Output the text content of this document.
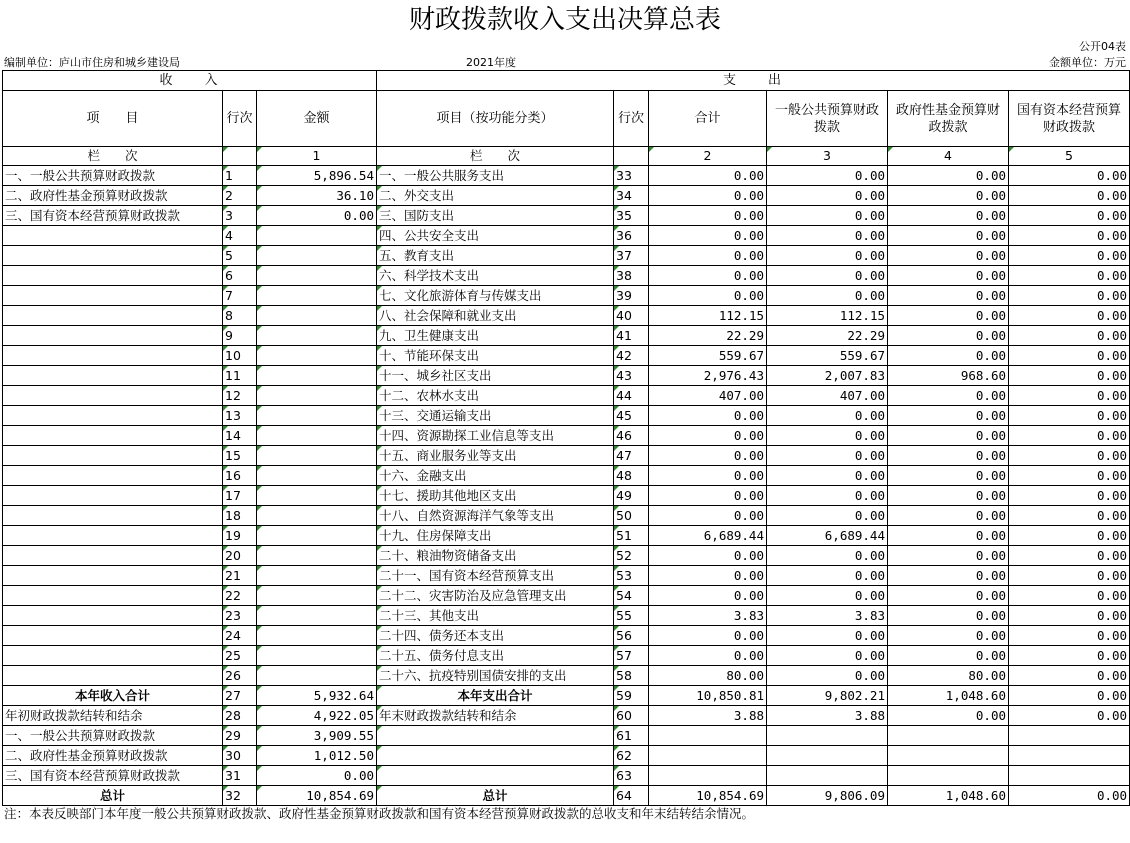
财政拨款收入支出决算总表
公开04表
编制单位：庐山市住房和城乡建设局	2021年度	金额单位：万元
收　　入			支　　出					
项　　目	行次	金额	项目（按功能分类）	行次	合计	一般公共预算财政拨款	政府性基金预算财政拨款	国有资本经营预算财政拨款
栏　　次		1	栏　　次		2	3	4	5
一、一般公共预算财政拨款	1	5,896.54	一、一般公共服务支出	33	0.00	0.00	0.00	0.00
二、政府性基金预算财政拨款	2	36.10	二、外交支出	34	0.00	0.00	0.00	0.00
三、国有资本经营预算财政拨款	3	0.00	三、国防支出	35	0.00	0.00	0.00	0.00
	4		四、公共安全支出	36	0.00	0.00	0.00	0.00
	5		五、教育支出	37	0.00	0.00	0.00	0.00
	6		六、科学技术支出	38	0.00	0.00	0.00	0.00
	7		七、文化旅游体育与传媒支出	39	0.00	0.00	0.00	0.00
	8		八、社会保障和就业支出	40	112.15	112.15	0.00	0.00
	9		九、卫生健康支出	41	22.29	22.29	0.00	0.00
	10		十、节能环保支出	42	559.67	559.67	0.00	0.00
	11		十一、城乡社区支出	43	2,976.43	2,007.83	968.60	0.00
	12		十二、农林水支出	44	407.00	407.00	0.00	0.00
	13		十三、交通运输支出	45	0.00	0.00	0.00	0.00
	14		十四、资源勘探工业信息等支出	46	0.00	0.00	0.00	0.00
	15		十五、商业服务业等支出	47	0.00	0.00	0.00	0.00
	16		十六、金融支出	48	0.00	0.00	0.00	0.00
	17		十七、援助其他地区支出	49	0.00	0.00	0.00	0.00
	18		十八、自然资源海洋气象等支出	50	0.00	0.00	0.00	0.00
	19		十九、住房保障支出	51	6,689.44	6,689.44	0.00	0.00
	20		二十、粮油物资储备支出	52	0.00	0.00	0.00	0.00
	21		二十一、国有资本经营预算支出	53	0.00	0.00	0.00	0.00
	22		二十二、灾害防治及应急管理支出	54	0.00	0.00	0.00	0.00
	23		二十三、其他支出	55	3.83	3.83	0.00	0.00
	24		二十四、债务还本支出	56	0.00	0.00	0.00	0.00
	25		二十五、债务付息支出	57	0.00	0.00	0.00	0.00
	26		二十六、抗疫特别国债安排的支出	58	80.00	0.00	80.00	0.00
本年收入合计	27	5,932.64	本年支出合计	59	10,850.81	9,802.21	1,048.60	0.00
年初财政拨款结转和结余	28	4,922.05	年末财政拨款结转和结余	60	3.88	3.88	0.00	0.00
一、一般公共预算财政拨款	29	3,909.55		61				
二、政府性基金预算财政拨款	30	1,012.50		62				
三、国有资本经营预算财政拨款	31	0.00		63				
总计	32	10,854.69	总计	64	10,854.69	9,806.09	1,048.60	0.00
注：本表反映部门本年度一般公共预算财政拨款、政府性基金预算财政拨款和国有资本经营预算财政拨款的总收支和年末结转结余情况。
